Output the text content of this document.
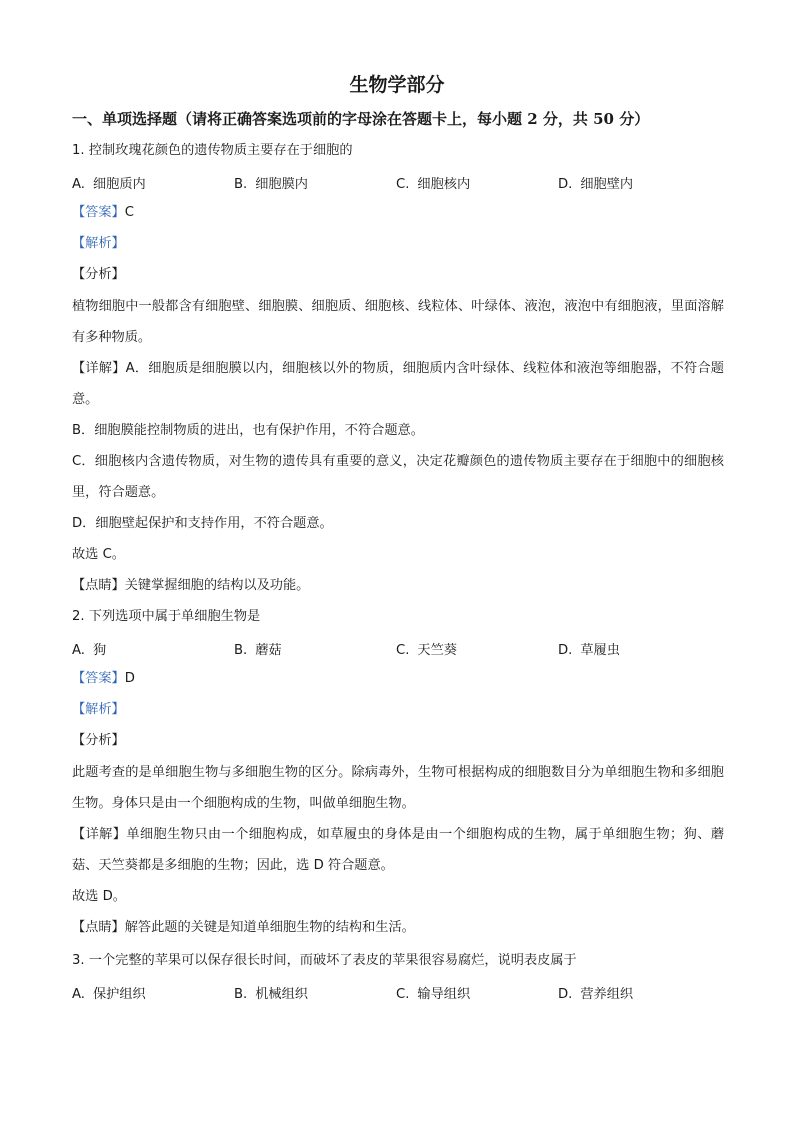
生物学部分
一、单项选择题（请将正确答案选项前的字母涂在答题卡上，每小题 2 分，共 50 分）
1. 控制玫瑰花颜色的遗传物质主要存在于细胞的
A. 细胞质内	B. 细胞膜内	C. 细胞核内	D. 细胞壁内
【答案】C
【解析】
【分析】
植物细胞中一般都含有细胞壁、细胞膜、细胞质、细胞核、线粒体、叶绿体、液泡，液泡中有细胞液，里面溶解有多种物质。
【详解】A．细胞质是细胞膜以内，细胞核以外的物质，细胞质内含叶绿体、线粒体和液泡等细胞器，不符合题意。
B．细胞膜能控制物质的进出，也有保护作用，不符合题意。
C．细胞核内含遗传物质，对生物的遗传具有重要的意义，决定花瓣颜色的遗传物质主要存在于细胞中的细胞核里，符合题意。
D．细胞壁起保护和支持作用，不符合题意。
故选 C。
【点睛】关键掌握细胞的结构以及功能。
2. 下列选项中属于单细胞生物是
A. 狗	B. 蘑菇	C. 天竺葵	D. 草履虫
【答案】D
【解析】
【分析】
此题考查的是单细胞生物与多细胞生物的区分。除病毒外，生物可根据构成的细胞数目分为单细胞生物和多细胞生物。身体只是由一个细胞构成的生物，叫做单细胞生物。
【详解】单细胞生物只由一个细胞构成，如草履虫的身体是由一个细胞构成的生物，属于单细胞生物；狗、蘑菇、天竺葵都是多细胞的生物；因此，选 D 符合题意。
故选 D。
【点睛】解答此题的关键是知道单细胞生物的结构和生活。
3. 一个完整的苹果可以保存很长时间，而破坏了表皮的苹果很容易腐烂，说明表皮属于
A. 保护组织	B. 机械组织	C. 输导组织	D. 营养组织
